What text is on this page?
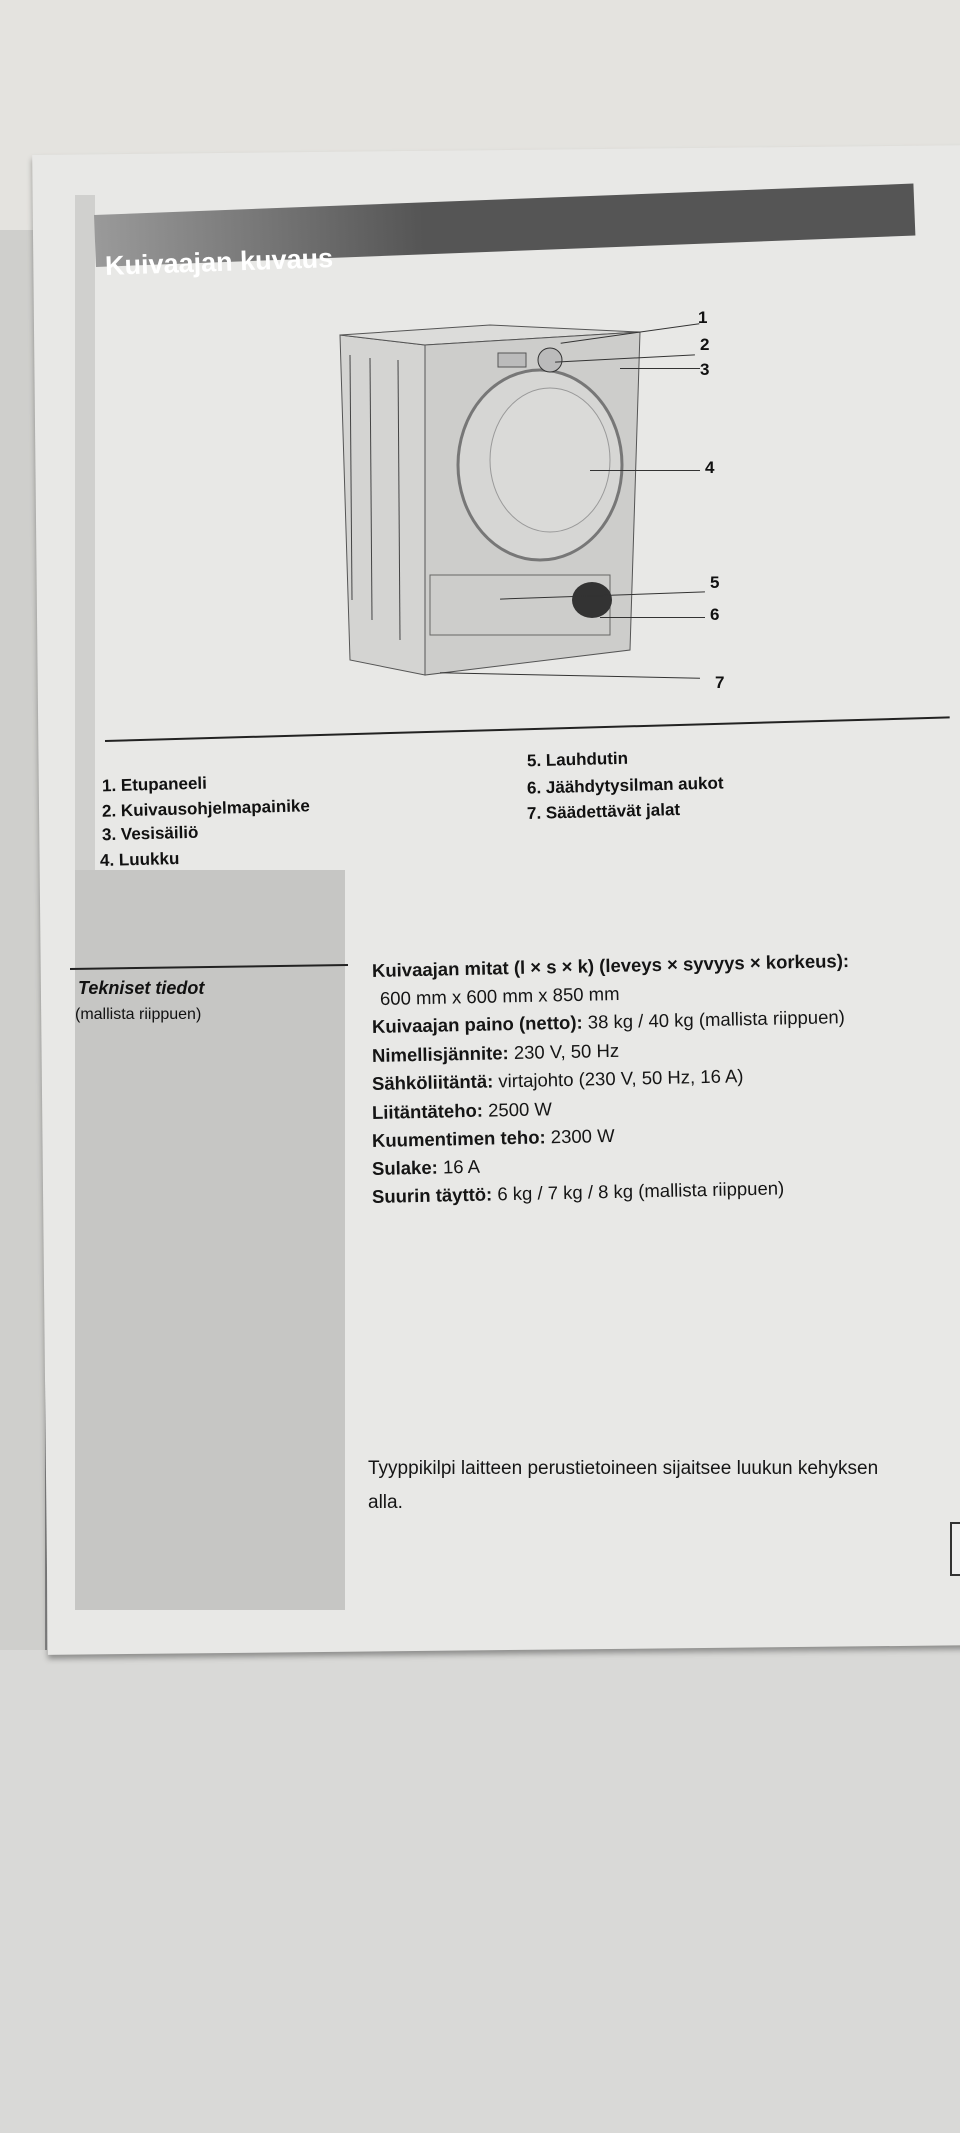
Kuivaajan kuvaus
1
2
3
4
5
6
7
1. Etupaneeli
2. Kuivausohjelmapainike
3. Vesisäiliö
4. Luukku
5. Lauhdutin
6. Jäähdytysilman aukot
7. Säädettävät jalat
Tekniset tiedot
(mallista riippuen)
Kuivaajan mitat (l × s × k) (leveys × syvyys × korkeus):
600 mm x 600 mm x 850 mm
Kuivaajan paino (netto): 38 kg / 40 kg (mallista riippuen)
Nimellisjännite: 230 V, 50 Hz
Sähköliitäntä: virtajohto (230 V, 50 Hz, 16 A)
Liitäntäteho: 2500 W
Kuumentimen teho: 2300 W
Sulake: 16 A
Suurin täyttö: 6 kg / 7 kg / 8 kg (mallista riippuen)
Tyyppikilpi laitteen perustietoineen sijaitsee luukun kehyksen
alla.
